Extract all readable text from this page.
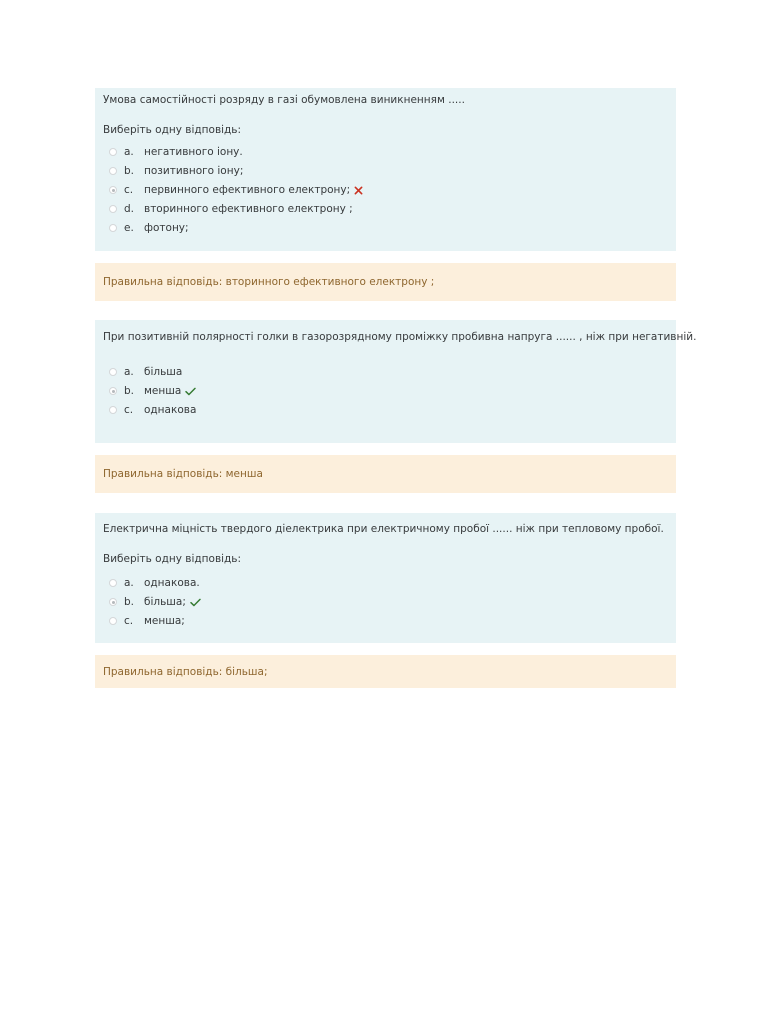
Умова самостійності розряду в газі обумовлена виникненням .....
Виберіть одну відповідь:
a. негативного іону.
b. позитивного іону;
c.	первинного ефективного електрону;
d. вторинного ефективного електрону ;
e. фотону;
Правильна відповідь: вторинного ефективного електрону ;
При позитивній полярності голки в газорозрядному проміжку пробивна напруга ...... , ніж при негативній.
a. більша
b. менша
c.	однакова
Правильна відповідь: менша
Електрична міцність твердого діелектрика при електричному пробої ...... ніж при тепловому пробої.
Виберіть одну відповідь:
a. однакова.
b. більша;
c.	менша;
Правильна відповідь: більша;
